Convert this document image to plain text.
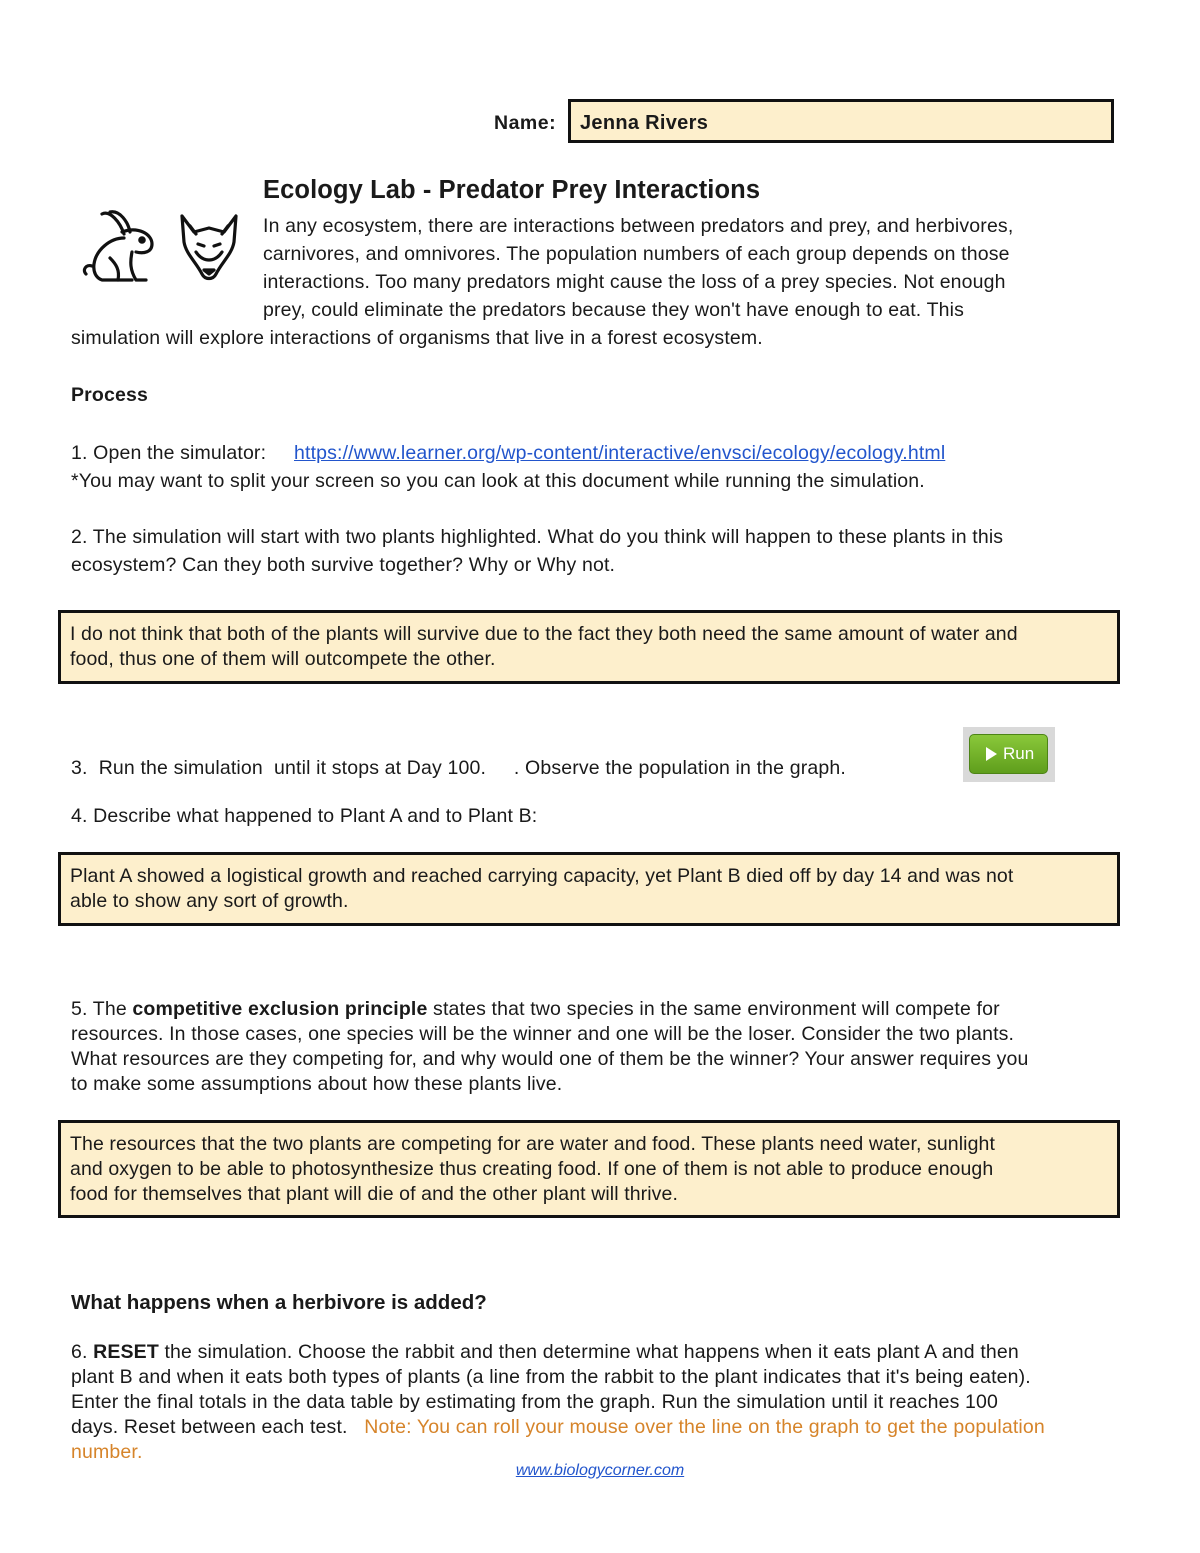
Name: Jenna Rivers
Ecology Lab - Predator Prey Interactions
In any ecosystem, there are interactions between predators and prey, and herbivores,
carnivores, and omnivores. The population numbers of each group depends on those
interactions. Too many predators might cause the loss of a prey species. Not enough
prey, could eliminate the predators because they won't have enough to eat. This
simulation will explore interactions of organisms that live in a forest ecosystem.
Process
1. Open the simulator: https://www.learner.org/wp-content/interactive/envsci/ecology/ecology.html
*You may want to split your screen so you can look at this document while running the simulation.
2. The simulation will start with two plants highlighted. What do you think will happen to these plants in this
ecosystem? Can they both survive together? Why or Why not.
I do not think that both of the plants will survive due to the fact they both need the same amount of water and
food, thus one of them will outcompete the other.
3.  Run the simulation  until it stops at Day 100.     . Observe the population in the graph.
Run
4. Describe what happened to Plant A and to Plant B:
Plant A showed a logistical growth and reached carrying capacity, yet Plant B died off by day 14 and was not
able to show any sort of growth.
5. The competitive exclusion principle states that two species in the same environment will compete for
resources. In those cases, one species will be the winner and one will be the loser. Consider the two plants.
What resources are they competing for, and why would one of them be the winner? Your answer requires you
to make some assumptions about how these plants live.
The resources that the two plants are competing for are water and food. These plants need water, sunlight
and oxygen to be able to photosynthesize thus creating food. If one of them is not able to produce enough
food for themselves that plant will die of and the other plant will thrive.
What happens when a herbivore is added?
6. RESET the simulation. Choose the rabbit and then determine what happens when it eats plant A and then
plant B and when it eats both types of plants (a line from the rabbit to the plant indicates that it's being eaten).
Enter the final totals in the data table by estimating from the graph. Run the simulation until it reaches 100
days. Reset between each test.   Note: You can roll your mouse over the line on the graph to get the population
number.
www.biologycorner.com
